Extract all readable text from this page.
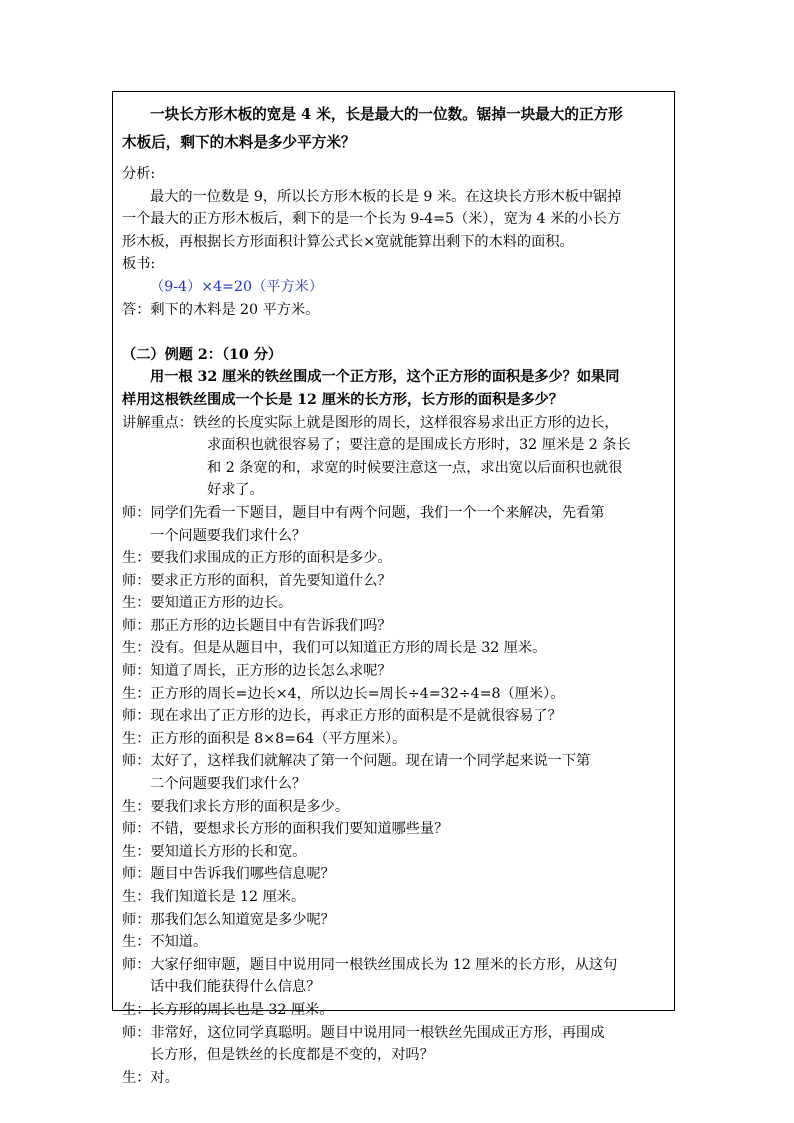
一块长方形木板的宽是 4 米，长是最大的一位数。锯掉一块最大的正方形

木板后，剩下的木料是多少平方米？

分析:

最大的一位数是 9，所以长方形木板的长是 9 米。在这块长方形木板中锯掉

一个最大的正方形木板后，剩下的是一个长为 9-4=5（米），宽为 4 米的小长方

形木板，再根据长方形面积计算公式长×宽就能算出剩下的木料的面积。

板书:

（9-4）×4=20（平方米）

答：剩下的木料是 20 平方米。

（二）例题 2：（10 分）

用一根 32 厘米的铁丝围成一个正方形，这个正方形的面积是多少？如果同

样用这根铁丝围成一个长是 12 厘米的长方形，长方形的面积是多少？

讲解重点：铁丝的长度实际上就是图形的周长，这样很容易求出正方形的边长，

求面积也就很容易了；要注意的是围成长方形时，32 厘米是 2 条长

和 2 条宽的和，求宽的时候要注意这一点，求出宽以后面积也就很

好求了。

师：同学们先看一下题目，题目中有两个问题，我们一个一个来解决，先看第

一个问题要我们求什么？

生：要我们求围成的正方形的面积是多少。

师：要求正方形的面积，首先要知道什么？

生：要知道正方形的边长。

师：那正方形的边长题目中有告诉我们吗？

生：没有。但是从题目中，我们可以知道正方形的周长是 32 厘米。

师：知道了周长，正方形的边长怎么求呢？

生：正方形的周长=边长×4，所以边长=周长÷4=32÷4=8（厘米）。

师：现在求出了正方形的边长，再求正方形的面积是不是就很容易了？

生：正方形的面积是 8×8=64（平方厘米）。

师：太好了，这样我们就解决了第一个问题。现在请一个同学起来说一下第

二个问题要我们求什么？

生：要我们求长方形的面积是多少。

师：不错，要想求长方形的面积我们要知道哪些量？

生：要知道长方形的长和宽。

师：题目中告诉我们哪些信息呢？

生：我们知道长是 12 厘米。

师：那我们怎么知道宽是多少呢？

生：不知道。

师：大家仔细审题，题目中说用同一根铁丝围成长为 12 厘米的长方形，从这句

话中我们能获得什么信息？

生：长方形的周长也是 32 厘米。

师：非常好，这位同学真聪明。题目中说用同一根铁丝先围成正方形，再围成

长方形，但是铁丝的长度都是不变的，对吗？

生：对。
